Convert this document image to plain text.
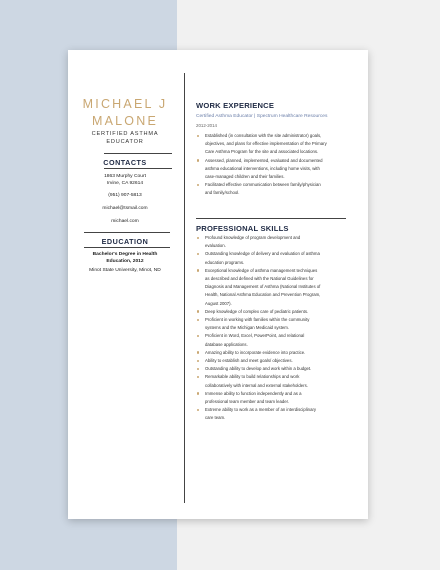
MICHAEL J
MALONE
CERTIFIED ASTHMA
EDUCATOR
CONTACTS
1863 Murphy Court
Irvine, CA 92614
(951) 907-5813
michael@tsmail.com
michael.com
EDUCATION
Bachelor's Degree in Health
Education, 2012
Minot State University, Minot, ND
WORK EXPERIENCE
Certified Asthma Educator | Spectrum Healthcare Resources
2012-2014
Established (in consultation with the site administrator) goals,
objectives, and plans for effective implementation of the Primary
Care Asthma Program for the site and associated locations.
Assessed, planned, implemented, evaluated and documented
asthma educational interventions, including home visits, with
case-managed children and their families.
Facilitated effective communication between family/physician
and family/school.
PROFESSIONAL SKILLS
Profound knowledge of program development and
evaluation.
Outstanding knowledge of delivery and evaluation of asthma
education programs.
Exceptional knowledge of asthma management techniques
as described and defined with the National Guidelines for
Diagnosis and Management of Asthma (National Institutes of
Health, National Asthma Education and Prevention Program,
August 2007).
Deep knowledge of complex care of pediatric patients.
Proficient in working with families within the community
systems and the Michigan Medicaid system.
Proficient in Word, Excel, PowerPoint, and relational
database applications.
Amazing ability to incorporate evidence into practice.
Ability to establish and meet goals/ objectives.
Outstanding ability to develop and work within a budget.
Remarkable ability to build relationships and work
collaboratively with internal and external stakeholders.
Immense ability to function independently and as a
professional team member and team leader.
Extreme ability to work as a member of an interdisciplinary
care team.
